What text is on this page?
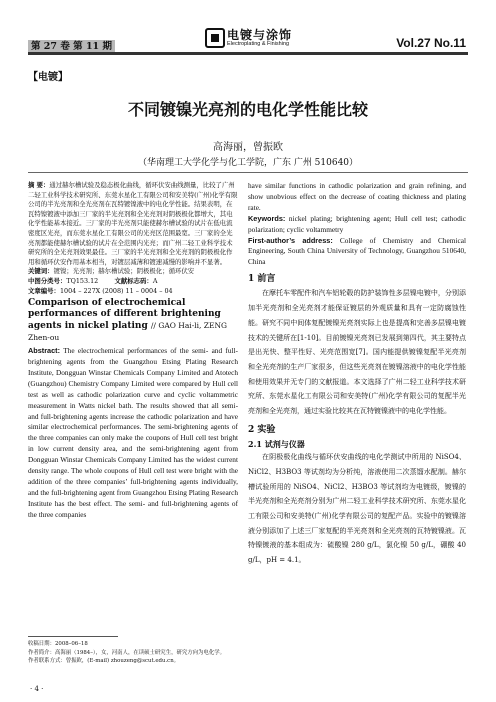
第 27 卷 第 11 期
电镀与涂饰
Electroplating & Finishing	Vol.27 No.11
【电镀】
不同镀镍光亮剂的电化学性能比较
高海丽，曾振欧
（华南理工大学化学与化工学院，广东 广州 510640）
摘 要：通过赫尔槽试验及稳态极化曲线，循环伏安曲线测量，比较了广州二轻工业科学技术研究所、东莞水星化工有限公司和安美特(广州)化学有限公司的半光亮剂和全光亮剂在瓦特镀镍液中的电化学性能。结果表明，在瓦特镍镀液中添加三厂家的半光亮剂和全光亮剂对阴极极化都增大，其电化学性能基本接近。三厂家的半光亮剂只能使赫尔槽试验的试片在低电流密度区光亮，而东莞水星化工有限公司的光亮区范围最宽。三厂家的全光亮剂都能使赫尔槽试验的试片在全范围内光亮；而广州二轻工业科学技术研究所的全光亮剂效果最佳。三厂家的半光亮剂和全光亮剂的阴极极化作用和循环伏安作用基本相当，对镀层减薄和镀速减慢的影响并不显著。
关键词：镀镍；光亮剂；赫尔槽试验；阴极极化；循环伏安
中图分类号：TQ153.12	文献标志码：A
文章编号：1004 – 227X (2008) 11 – 0004 – 04
Comparison of electrochemical performances of different brightening agents in nickel plating // GAO Hai-li, ZENG Zhen-ou
Abstract: The electrochemical performances of the semi- and full-brightening agents from the Guangzhou Etsing Plating Research Institute, Dongguan Winstar Chemicals Company Limited and Atotech (Guangzhou) Chemistry Company Limited were compared by Hull cell test as well as cathodic polarization curve and cyclic voltammetric measurement in Watts nickel bath. The results showed that all semi- and full-brightening agents increase the cathodic polarization and have similar electrochemical performances. The semi-brightening agents of the three companies can only make the coupons of Hull cell test bright in low current density area, and the semi-brightening agent from Dongguan Winstar Chemicals Company Limited has the widest current density range. The whole coupons of Hull cell test were bright with the addition of the three companies’ full-brightening agents individually, and the full-brightening agent from Guangzhou Etsing Plating Research Institute has the best effect. The semi- and full-brightening agents of the three companies
have similar functions in cathodic polarization and grain refining, and show unobvious effect on the decrease of coating thickness and plating rate.
Keywords: nickel plating; brightening agent; Hull cell test; cathodic polarization; cyclic voltammetry
First-author’s address: College of Chemistry and Chemical Engineering, South China University of Technology, Guangzhou 510640, China
1 前言
在摩托车零配件和汽车铝轮毂的防护装饰性多层镍电镀中，分别添加半光亮剂和全光亮剂才能保证镀层的外观质量和具有一定防腐蚀性能。研究不同中间体复配镀镍光亮剂实际上也是提高和完善多层镍电镀技术的关键所在[1-10]。目前镀镍光亮剂已发展到第四代，其主要特点是出光快、整平性好、光亮范围宽[7]。国内能提供镀镍复配半光亮剂和全光亮剂的生产厂家很多，但这些光亮剂在镀镍溶液中的电化学性能和使用效果并无专门的文献报道。本文选择了广州二轻工业科学技术研究所、东莞水星化工有限公司和安美特(广州)化学有限公司的复配半光亮剂和全光亮剂，通过实验比较其在瓦特镀镍液中的电化学性能。
2 实验
2.1 试剂与仪器
在阴极极化曲线与循环伏安曲线的电化学测试中所用的 NiSO4、NiCl2、H3BO3 等试剂均为分析纯，溶液使用二次蒸馏水配制。赫尔槽试验所用的 NiSO4、NiCl2、H3BO3 等试剂均为电镀级，镀镍的半光亮剂和全光亮剂分别为广州二轻工业科学技术研究所、东莞水星化工有限公司和安美特(广州)化学有限公司的复配产品。实验中的镀镍溶液分别添加了上述三厂家复配的半光亮剂和全光亮剂的瓦特镀镍液。瓦特镍镀液的基本组成为：硫酸镍 280 g/L，氯化镍 50 g/L，硼酸 40 g/L，pH = 4.1。
收稿日期：2008–06–18
作者简介：高海丽（1984–），女，河南人，在读硕士研究生，研究方向为电化学。
作者联系方式：曾振欧，(E-mail) zhouzeng@scut.edu.cn。
· 4 ·
